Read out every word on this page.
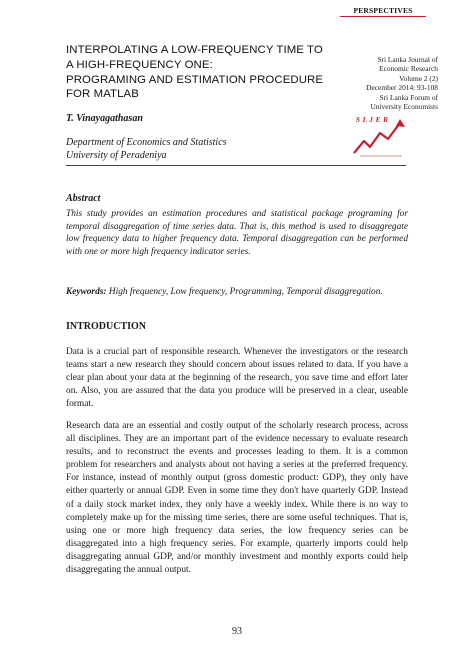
PERSPECTIVES
Sri Lanka Journal of
Economic Research
Volume 2 (2)
December 2014: 93-108
Sri Lanka Forum of
University Economists
INTERPOLATING A LOW-FREQUENCY TIME TO
A HIGH-FREQUENCY ONE:
PROGRAMING AND ESTIMATION PROCEDURE
FOR MATLAB
T. Vinayagathasan
Department of Economics and Statistics
University of Peradeniya
S L J E R
Abstract
This study provides an estimation procedures and statistical package programing for temporal disaggregation of time series data. That is, this method is used to disaggregate low frequency data to higher frequency data. Temporal disaggregation can be performed with one or more high frequency indicator series.
Keywords: High frequency, Low frequency, Programming, Temporal disaggregation.
INTRODUCTION
Data is a crucial part of responsible research. Whenever the investigators or the research teams start a new research they should concern about issues related to data. If you have a clear plan about your data at the beginning of the research, you save time and effort later on. Also, you are assured that the data you produce will be preserved in a clear, useable format.
Research data are an essential and costly output of the scholarly research process, across all disciplines. They are an important part of the evidence necessary to evaluate research results, and to reconstruct the events and processes leading to them. It is a common problem for researchers and analysts about not having a series at the preferred frequency. For instance, instead of monthly output (gross domestic product: GDP), they only have either quarterly or annual GDP. Even in some time they don't have quarterly GDP. Instead of a daily stock market index, they only have a weekly index. While there is no way to completely make up for the missing time series, there are some useful techniques. That is, using one or more high frequency data series, the low frequency series can be disaggregated into a high frequency series. For example, quarterly imports could help disaggregating annual GDP, and/or monthly investment and monthly exports could help disaggregating the annual output.
93
